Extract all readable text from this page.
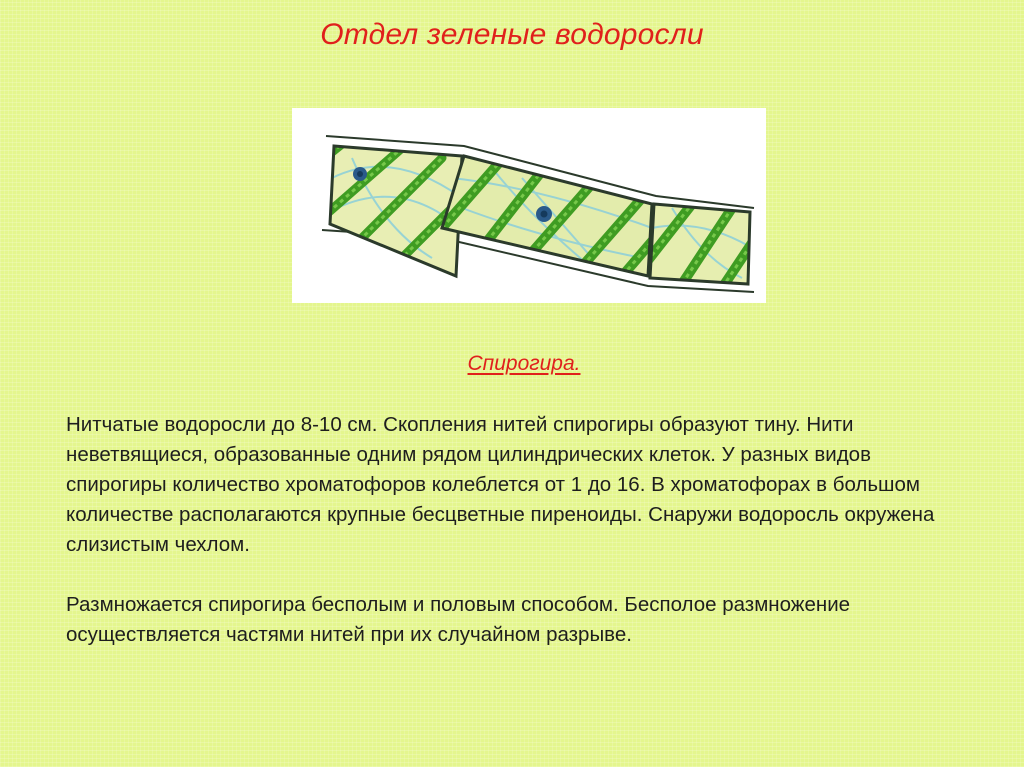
Отдел зеленые водоросли
Спирогира.

Нитчатые водоросли до 8-10 см. Скопления нитей спирогиры образуют тину. Нити неветвящиеся, образованные одним рядом цилиндрических клеток. У разных видов спирогиры количество хроматофоров колеблется от 1 до 16. В хроматофорах в большом количестве располагаются крупные бесцветные пиреноиды. Снаружи водоросль окружена слизистым чехлом.

Размножается спирогира бесполым и половым способом. Бесполое размножение осуществляется частями нитей при их случайном разрыве.
